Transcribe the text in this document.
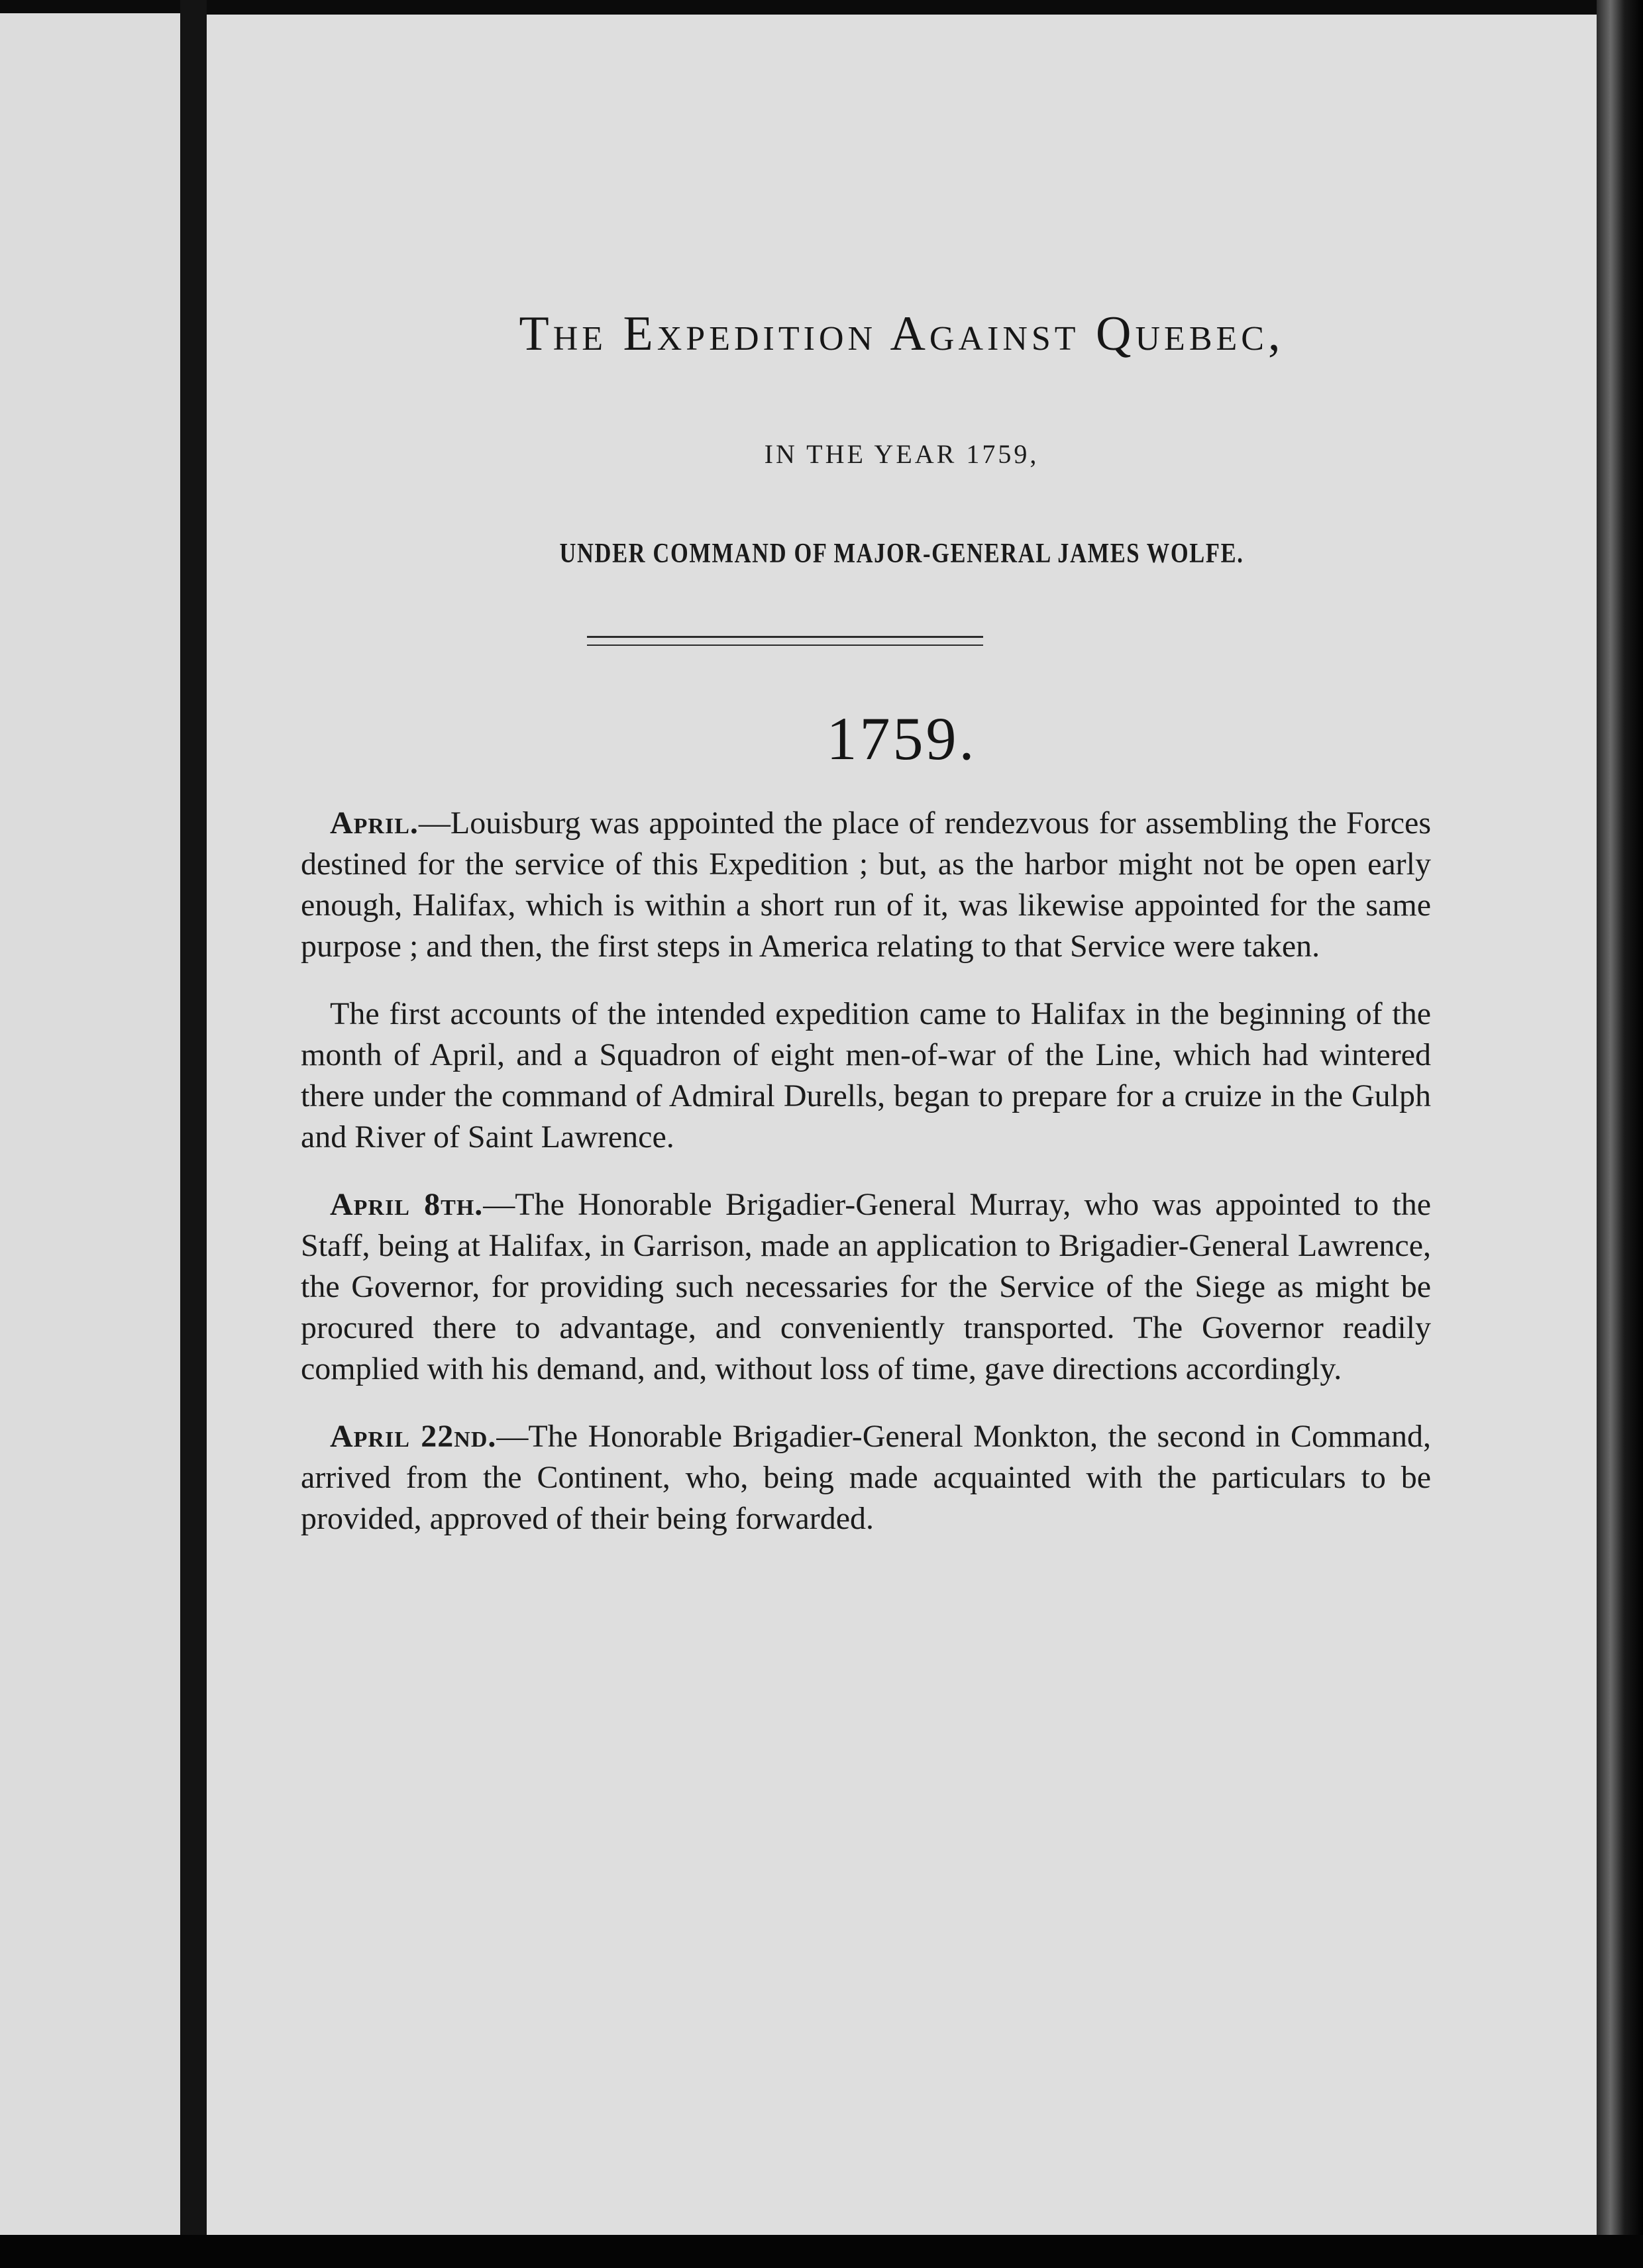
The Expedition Against Quebec,
IN THE YEAR 1759,
UNDER COMMAND OF MAJOR-GENERAL JAMES WOLFE.
1759.

April.—Louisburg was appointed the place of rendezvous for assembling the Forces destined for the service of this Expedition ; but, as the harbor might not be open early enough, Halifax, which is within a short run of it, was likewise appointed for the same purpose ; and then, the first steps in America relating to that Service were taken.

The first accounts of the intended expedition came to Halifax in the beginning of the month of April, and a Squadron of eight men-of-war of the Line, which had wintered there under the command of Admiral Durells, began to prepare for a cruize in the Gulph and River of Saint Lawrence.

April 8th.—The Honorable Brigadier-General Murray, who was appointed to the Staff, being at Halifax, in Garrison, made an application to Brigadier-General Lawrence, the Governor, for providing such necessaries for the Service of the Siege as might be procured there to advantage, and conveniently transported. The Governor readily complied with his demand, and, without loss of time, gave directions accordingly.

April 22nd.—The Honorable Brigadier-General Monkton, the second in Command, arrived from the Continent, who, being made acquainted with the particulars to be provided, approved of their being forwarded.
